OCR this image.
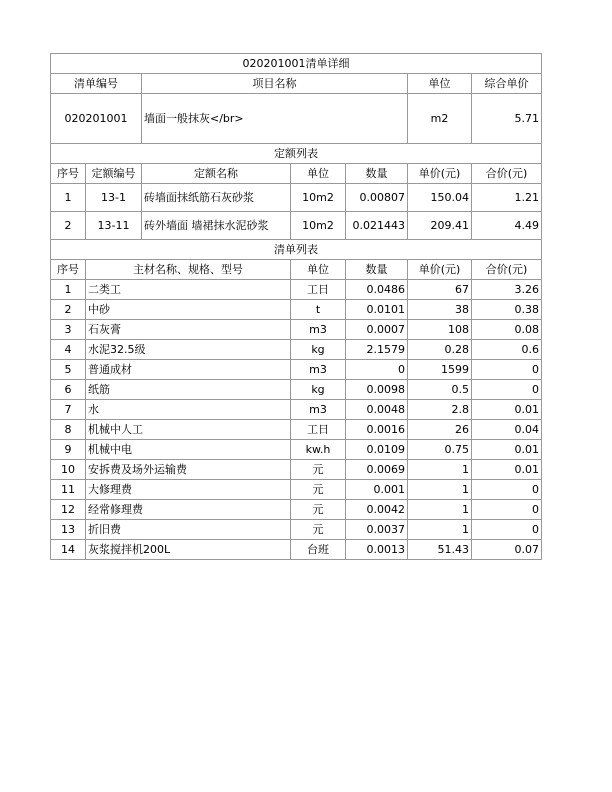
020201001清单详细						
清单编号		项目名称			单位	综合单价
020201001		墙面一般抹灰</br>			m2	5.71
定额列表						
序号	定额编号	定额名称	单位	数量	单价(元)	合价(元)
1	13-1	砖墙面抹纸筋石灰砂浆	10m2	0.00807	150.04	1.21
2	13-11	砖外墙面 墙裙抹水泥砂浆	10m2	0.021443	209.41	4.49
清单列表						
序号	主材名称、规格、型号		单位	数量	单价(元)	合价(元)
1	二类工		工日	0.0486	67	3.26
2	中砂		t	0.0101	38	0.38
3	石灰膏		m3	0.0007	108	0.08
4	水泥32.5级		kg	2.1579	0.28	0.6
5	普通成材		m3	0	1599	0
6	纸筋		kg	0.0098	0.5	0
7	水		m3	0.0048	2.8	0.01
8	机械中人工		工日	0.0016	26	0.04
9	机械中电		kw.h	0.0109	0.75	0.01
10	安拆费及场外运输费		元	0.0069	1	0.01
11	大修理费		元	0.001	1	0
12	经常修理费		元	0.0042	1	0
13	折旧费		元	0.0037	1	0
14	灰浆搅拌机200L		台班	0.0013	51.43	0.07
